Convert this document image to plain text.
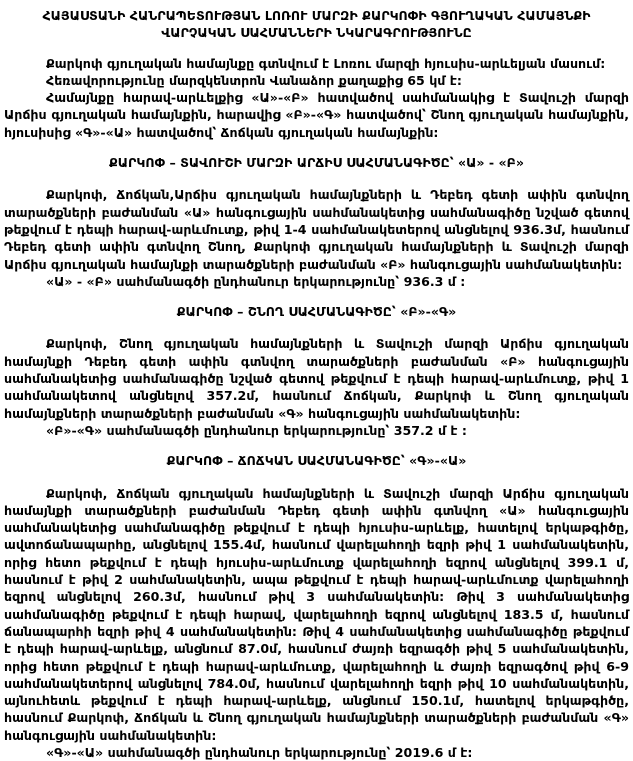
ՀԱՅԱՍՏԱՆԻ ՀԱՆՐԱՊԵՏՈՒԹՅԱՆ ԼՈՌՈՒ ՄԱՐԶԻ ՔԱՐԿՈՓԻ ԳՅՈՒՂԱԿԱՆ ՀԱՄԱՅՆՔԻ
ՎԱՐՉԱԿԱՆ ՍԱՀՄԱՆՆԵՐԻ ՆԿԱՐԱԳՐՈՒԹՅՈՒՆԸ

Քարկոփ գյուղական համայնքը գտնվում է Լոռու մարզի հյուսիս-արևելյան մասում:

Հեռավորությունը մարզկենտրոն Վանաձոր քաղաքից 65 կմ է:

Համայնքը հարավ-արևելքից «Ա»-«Բ» հատվածով սահմանակից է Տավուշի մարզի Արճիս գյուղական համայնքին, հարավից «Բ»-«Գ» հատվածով՝ Շնող գյուղական համայնքին, հյուսիսից «Գ»-«Ա» հատվածով՝ Ճոճկան գյուղական համայնքին:

ՔԱՐԿՈՓ – ՏԱՎՈՒՇԻ ՄԱՐԶԻ ԱՐՃԻՍ ՍԱՀՄԱՆԱԳԻԾԸ՝ «Ա» - «Բ»

Քարկոփ, Ճոճկան,Արճիս գյուղական համայնքների և Դեբեդ գետի ափին գտնվող տարածքների բաժանման «Ա» հանգուցային սահմանակետից սահմանագիծը նշված գետով թեքվում է դեպի հարավ-արևմուտք, թիվ 1-4 սահմանակետերով անցնելով 936.3մ, հասնում Դեբեդ գետի ափին գտնվող Շնող, Քարկոփ գյուղական համայնքների և Տավուշի մարզի Արճիս գյուղական համայնքի տարածքների բաժանման «Բ» հանգուցային սահմանակետին:

«Ա» - «Բ» սահմանագծի ընդհանուր երկարությունը՝ 936.3 մ :

ՔԱՐԿՈՓ – ՇՆՈՂ ՍԱՀՄԱՆԱԳԻԾԸ՝ «Բ»-«Գ»

Քարկոփ, Շնող գյուղական համայնքների և Տավուշի մարզի Արճիս գյուղական համայնքի Դեբեդ գետի ափին գտնվող տարածքների բաժանման «Բ» հանգուցային սահմանակետից սահմանագիծը նշված գետով թեքվում է դեպի հարավ-արևմուտք, թիվ 1 սահմանակետով անցնելով 357.2մ, հասնում Ճոճկան, Քարկոփ և Շնող գյուղական համայնքների տարածքների բաժանման «Գ» հանգուցային սահմանակետին:

«Բ»-«Գ» սահմանագծի ընդհանուր երկարությունը՝ 357.2 մ է :

ՔԱՐԿՈՓ – ՃՈՃԿԱՆ ՍԱՀՄԱՆԱԳԻԾԸ՝ «Գ»-«Ա»

Քարկոփ, Ճոճկան գյուղական համայնքների և Տավուշի մարզի Արճիս գյուղական համայնքի տարածքների բաժանման Դեբեդ գետի ափին գտնվող «Ա» հանգուցային սահմանակետից սահմանագիծը թեքվում է դեպի հյուսիս-արևելք, հատելով երկաթգիծը, ավտոճանապարհը, անցնելով 155.4մ, հասնում վարելահողի եզրի թիվ 1 սահմանակետին, որից հետո թեքվում է դեպի հյուսիս-արևմուտք վարելահողի եզրով անցնելով 399.1 մ, հասնում է թիվ 2 սահմանակետին, ապա թեքվում է դեպի հարավ-արևմուտք վարելահողի եզրով անցնելով 260.3մ, հասնում թիվ 3 սահմանակետին: Թիվ 3 սահմանակետից սահմանագիծը թեքվում է դեպի հարավ, վարելահողի եզրով անցնելով 183.5 մ, հասնում ճանապարհի եզրի թիվ 4 սահմանակետին: Թիվ 4 սահմանակետից սահմանագիծը թեքվում է դեպի հարավ-արևելք, անցնում 87.0մ, հասնում ժայռի եզրագծի թիվ 5 սահմանակետին, որից հետո թեքվում է դեպի հարավ-արևմուտք, վարելահողի և ժայռի եզրագծով թիվ 6-9 սահմանակետերով անցնելով 784.0մ, հասնում վարելահողի եզրի թիվ 10 սահմանակետին, այնուհետև թեքվում է դեպի հարավ-արևելք, անցնում 150.1մ, հատելով երկաթգիծը, հասնում Քարկոփ, Ճոճկան և Շնող գյուղական համայնքների տարածքների բաժանման «Գ» հանգուցային սահմանակետին:

«Գ»-«Ա» սահմանագծի ընդհանուր երկարությունը՝ 2019.6 մ է:
